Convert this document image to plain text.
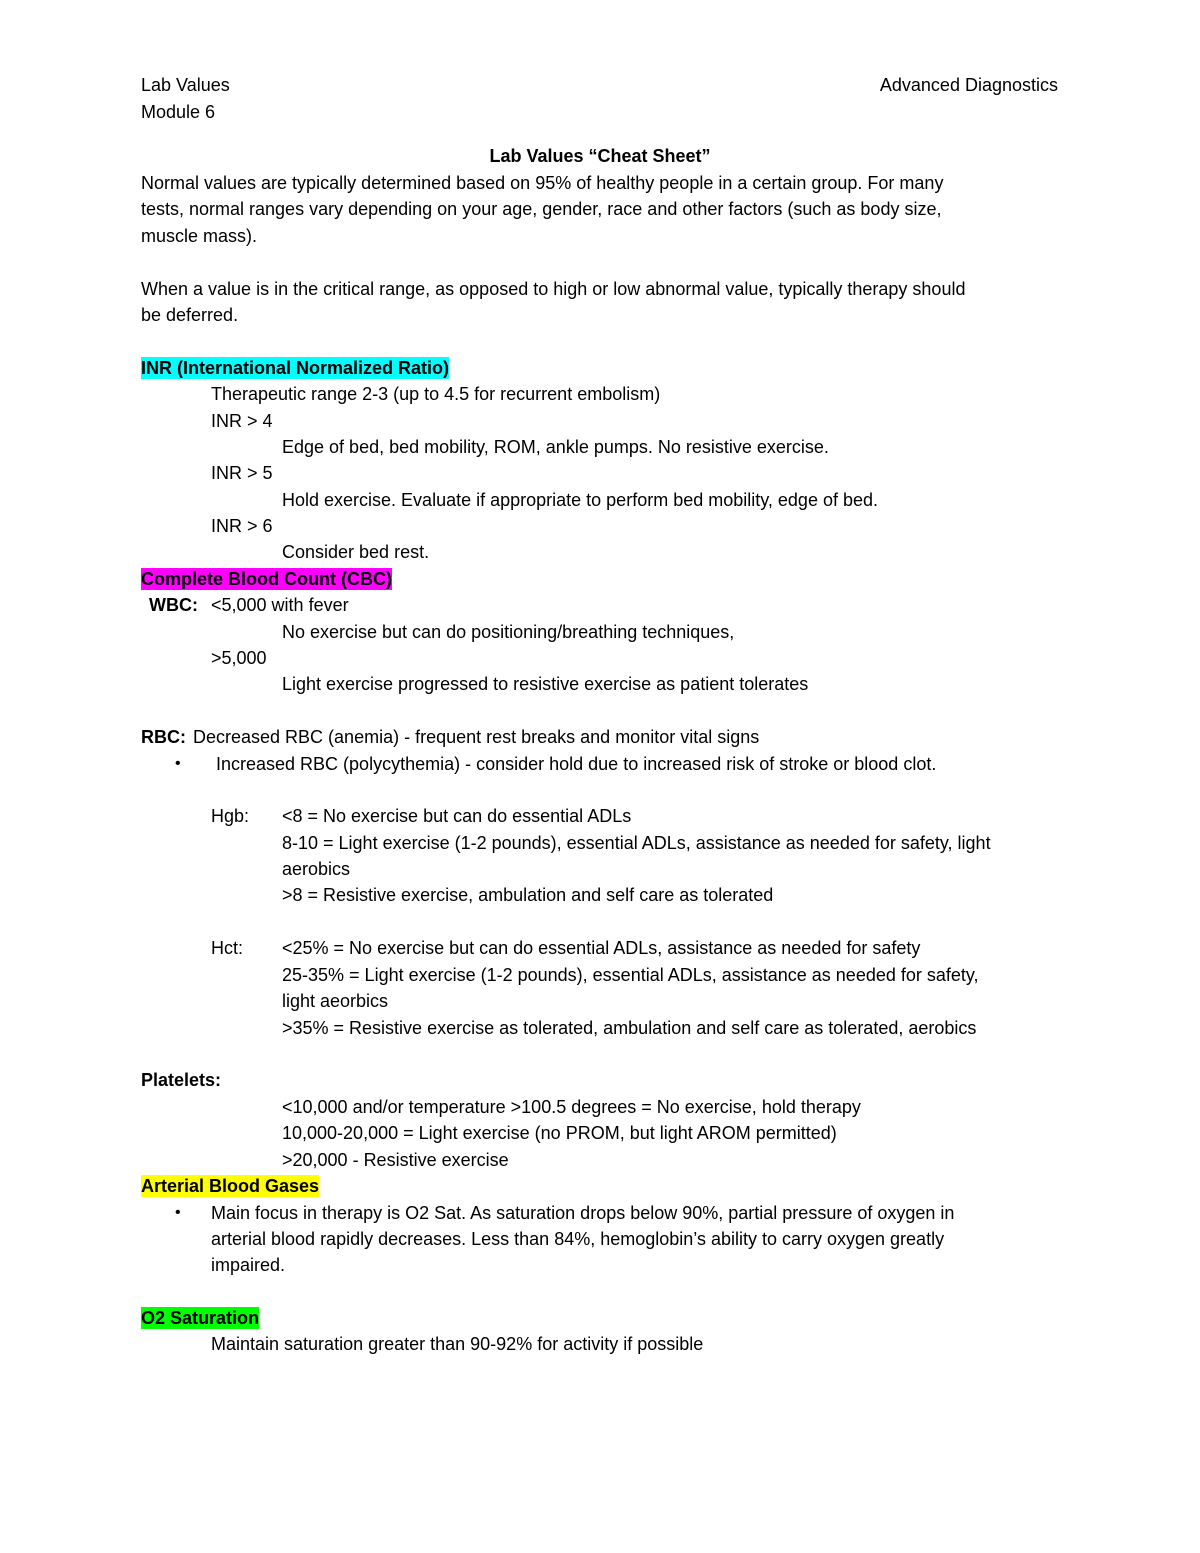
Lab Values
Module 6
Advanced Diagnostics
Lab Values “Cheat Sheet”
Normal values are typically determined based on 95% of healthy people in a certain group. For many
tests, normal ranges vary depending on your age, gender, race and other factors (such as body size,
muscle mass).
When a value is in the critical range, as opposed to high or low abnormal value, typically therapy should
be deferred.
INR (International Normalized Ratio)
Therapeutic range 2-3 (up to 4.5 for recurrent embolism)
INR > 4
Edge of bed, bed mobility, ROM, ankle pumps. No resistive exercise.
INR > 5
Hold exercise. Evaluate if appropriate to perform bed mobility, edge of bed.
INR > 6
Consider bed rest.
Complete Blood Count (CBC)
WBC: <5,000 with fever
No exercise but can do positioning/breathing techniques,
>5,000
Light exercise progressed to resistive exercise as patient tolerates
RBC: Decreased RBC (anemia) - frequent rest breaks and monitor vital signs
• Increased RBC (polycythemia) - consider hold due to increased risk of stroke or blood clot.
Hgb: <8 = No exercise but can do essential ADLs
8-10 = Light exercise (1-2 pounds), essential ADLs, assistance as needed for safety, light
aerobics
>8 = Resistive exercise, ambulation and self care as tolerated
Hct: <25% = No exercise but can do essential ADLs, assistance as needed for safety
25-35% = Light exercise (1-2 pounds), essential ADLs, assistance as needed for safety,
light aeorbics
>35% = Resistive exercise as tolerated, ambulation and self care as tolerated, aerobics
Platelets:
<10,000 and/or temperature >100.5 degrees = No exercise, hold therapy
10,000-20,000 = Light exercise (no PROM, but light AROM permitted)
>20,000 - Resistive exercise
Arterial Blood Gases
• Main focus in therapy is O2 Sat. As saturation drops below 90%, partial pressure of oxygen in
arterial blood rapidly decreases. Less than 84%, hemoglobin’s ability to carry oxygen greatly
impaired.
O2 Saturation
Maintain saturation greater than 90-92% for activity if possible
